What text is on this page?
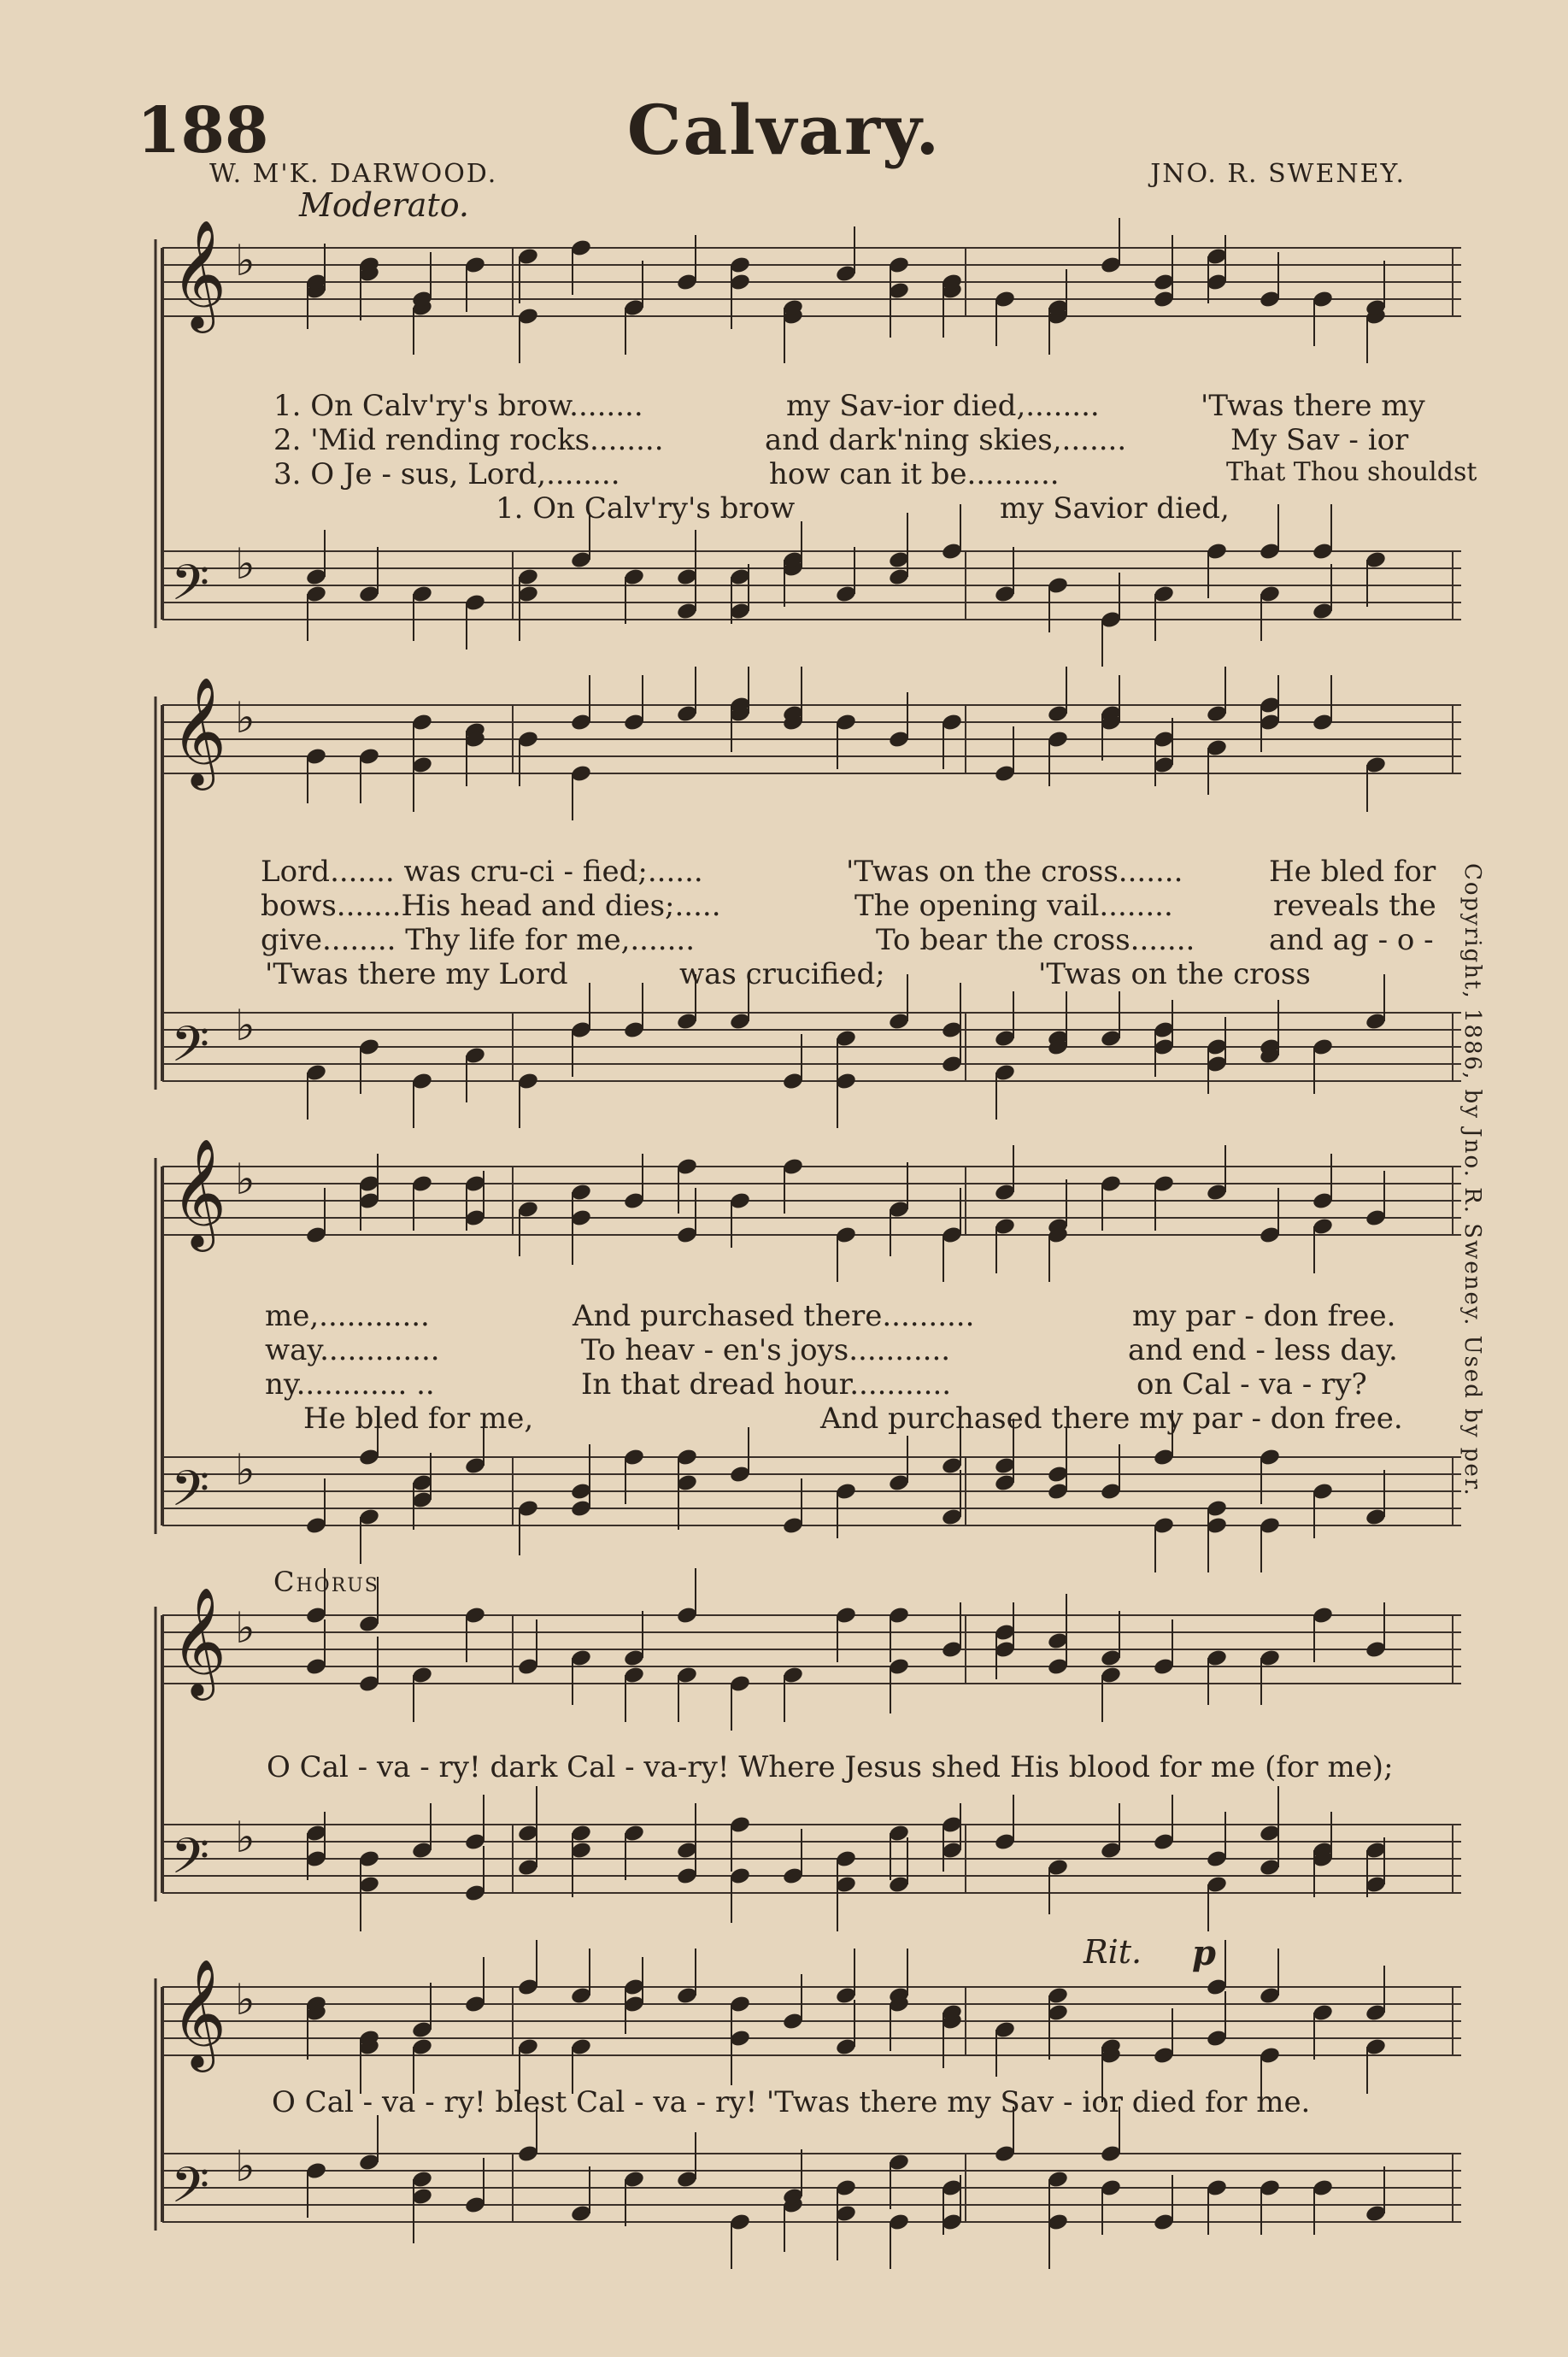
188	Calvary.
W. M'K. DARWOOD.	JNO. R. SWENEY.
Moderato.
Chorus
Rit. p
Copyright, 1886, by Jno. R. Sweney. Used by per.
𝄞 ♭
𝄢 ♭
𝄞 ♭
𝄢 ♭
𝄞 ♭
𝄢 ♭
𝄞 ♭
𝄢 ♭
𝄞 ♭
𝄢 ♭
1. On Calv'ry's brow........	my Sav-ior died,........	'Twas there my
2. 'Mid rending rocks........	and dark'ning skies,.......	My Sav - ior
3. O Je - sus, Lord,........	how can it be..........	That Thou shouldst
1. On Calv'ry's brow	my Savior died,
Lord....... was cru-ci - fied;......	'Twas on the cross.......	He bled for
bows.......His head and dies;.....	The opening vail........	reveals the
give........ Thy life for me,.......	To bear the cross.......	and ag - o -
'Twas there my Lord	was crucified;	'Twas on the cross
me,............	And purchased there..........	my par - don free.
way.............	To heav - en's joys...........	and end - less day.
ny............ ..	In that dread hour...........	on Cal - va - ry?
He bled for me,	And purchased there my par - don free.
O Cal - va - ry! dark Cal - va-ry! Where Jesus shed His blood for me (for me);
O Cal - va - ry! blest Cal - va - ry! 'Twas there my Sav - ior died for me.
